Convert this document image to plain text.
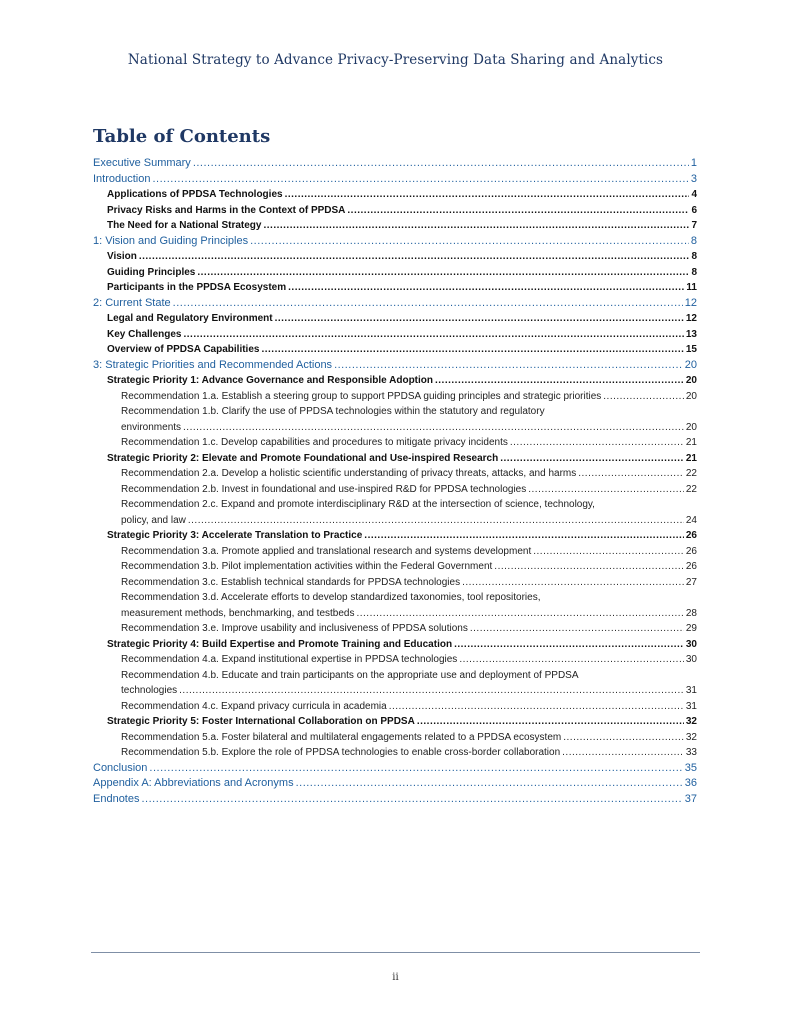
National Strategy to Advance Privacy-Preserving Data Sharing and Analytics
Table of Contents
Executive Summary .....	1
Introduction .....	3
Applications of PPDSA Technologies .....	4
Privacy Risks and Harms in the Context of PPDSA .....	6
The Need for a National Strategy .....	7
1: Vision and Guiding Principles .....	8
Vision .....	8
Guiding Principles .....	8
Participants in the PPDSA Ecosystem .....	11
2: Current State .....	12
Legal and Regulatory Environment .....	12
Key Challenges .....	13
Overview of PPDSA Capabilities .....	15
3: Strategic Priorities and Recommended Actions .....	20
Strategic Priority 1: Advance Governance and Responsible Adoption .....	20
Recommendation 1.a. Establish a steering group to support PPDSA guiding principles and strategic priorities .....	20
Recommendation 1.b. Clarify the use of PPDSA technologies within the statutory and regulatory
environments .....	20
Recommendation 1.c. Develop capabilities and procedures to mitigate privacy incidents .....	21
Strategic Priority 2: Elevate and Promote Foundational and Use-inspired Research .....	21
Recommendation 2.a. Develop a holistic scientific understanding of privacy threats, attacks, and harms .....	22
Recommendation 2.b. Invest in foundational and use-inspired R&D for PPDSA technologies .....	22
Recommendation 2.c. Expand and promote interdisciplinary R&D at the intersection of science, technology,
policy, and law .....	24
Strategic Priority 3: Accelerate Translation to Practice .....	26
Recommendation 3.a. Promote applied and translational research and systems development .....	26
Recommendation 3.b. Pilot implementation activities within the Federal Government .....	26
Recommendation 3.c. Establish technical standards for PPDSA technologies .....	27
Recommendation 3.d. Accelerate efforts to develop standardized taxonomies, tool repositories,
measurement methods, benchmarking, and testbeds .....	28
Recommendation 3.e. Improve usability and inclusiveness of PPDSA solutions .....	29
Strategic Priority 4: Build Expertise and Promote Training and Education .....	30
Recommendation 4.a. Expand institutional expertise in PPDSA technologies .....	30
Recommendation 4.b. Educate and train participants on the appropriate use and deployment of PPDSA
technologies .....	31
Recommendation 4.c. Expand privacy curricula in academia .....	31
Strategic Priority 5: Foster International Collaboration on PPDSA .....	32
Recommendation 5.a. Foster bilateral and multilateral engagements related to a PPDSA ecosystem .....	32
Recommendation 5.b. Explore the role of PPDSA technologies to enable cross-border collaboration .....	33
Conclusion .....	35
Appendix A: Abbreviations and Acronyms .....	36
Endnotes .....	37
ii
